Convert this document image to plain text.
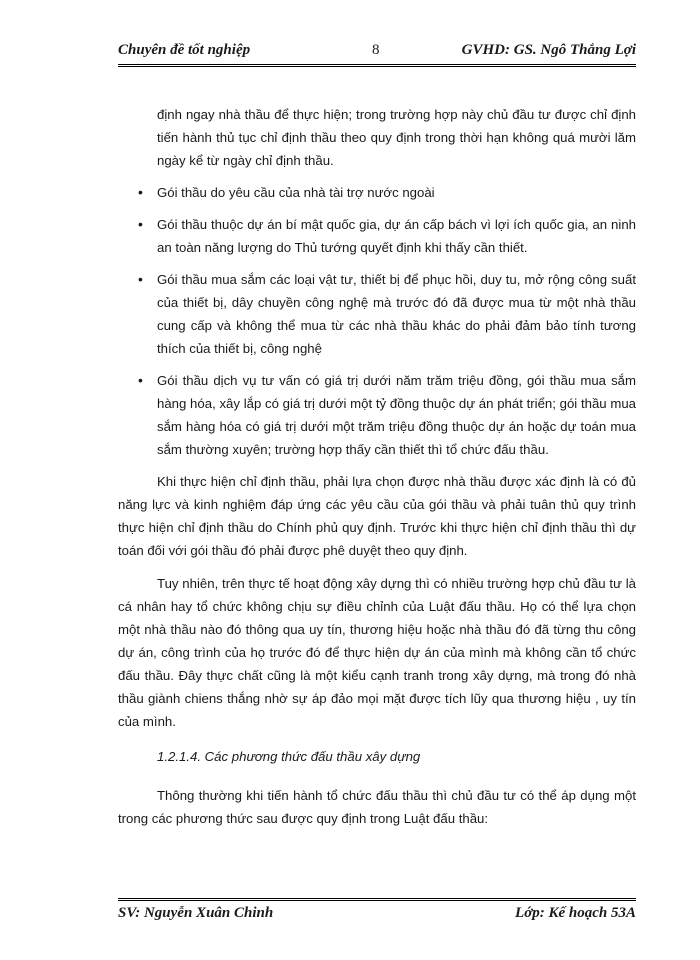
Chuyên đề tốt nghiệp	8	GVHD: GS. Ngô Thắng Lợi

định ngay nhà thầu để thực hiện; trong trường hợp này chủ đầu tư được chỉ định tiến hành thủ tục chỉ định thầu theo quy định trong thời hạn không quá mười lăm ngày kể từ ngày chỉ định thầu.

• Gói thầu do yêu cầu của nhà tài trợ nước ngoài
• Gói thầu thuộc dự án bí mật quốc gia, dự án cấp bách vì lợi ích quốc gia, an ninh an toàn năng lượng do Thủ tướng quyết định khi thấy cần thiết.
• Gói thầu mua sắm các loại vật tư, thiết bị để phục hồi, duy tu, mở rộng công suất của thiết bị, dây chuyền công nghệ mà trước đó đã được mua từ một nhà thầu cung cấp và không thể mua từ các nhà thầu khác do phải đảm bảo tính tương thích của thiết bị, công nghệ
• Gói thầu dịch vụ tư vấn có giá trị dưới năm trăm triệu đồng, gói thầu mua sắm hàng hóa, xây lắp có giá trị dưới một tỷ đồng thuộc dự án phát triển; gói thầu mua sắm hàng hóa có giá trị dưới một trăm triệu đồng thuộc dự án hoặc dự toán mua sắm thường xuyên; trường hợp thấy cần thiết thì tổ chức đấu thầu.

Khi thực hiện chỉ định thầu, phải lựa chọn được nhà thầu được xác định là có đủ năng lực và kinh nghiệm đáp ứng các yêu cầu của gói thầu và phải tuân thủ quy trình thực hiện chỉ định thầu do Chính phủ quy định. Trước khi thực hiện chỉ định thầu thì dự toán đối với gói thầu đó phải được phê duyệt theo quy định.

Tuy nhiên, trên thực tế hoạt động xây dựng thì có nhiều trường hợp chủ đầu tư là cá nhân hay tổ chức không chịu sự điều chỉnh của Luật đấu thầu. Họ có thể lựa chọn một nhà thầu nào đó thông qua uy tín, thương hiệu hoặc nhà thầu đó đã từng thu công dự án, công trình của họ trước đó để thực hiện dự án của mình mà không cần tổ chức đấu thầu. Đây thực chất cũng là một kiểu cạnh tranh trong xây dựng, mà trong đó nhà thầu giành chiens thắng nhờ sự áp đảo mọi mặt được tích lũy qua thương hiệu , uy tín của mình.

1.2.1.4. Các phương thức đấu thầu xây dựng

Thông thường khi tiến hành tổ chức đấu thầu thì chủ đầu tư có thể áp dụng một trong các phương thức sau được quy định trong Luật đấu thầu:

SV: Nguyễn Xuân Chinh	Lớp: Kế hoạch 53A
